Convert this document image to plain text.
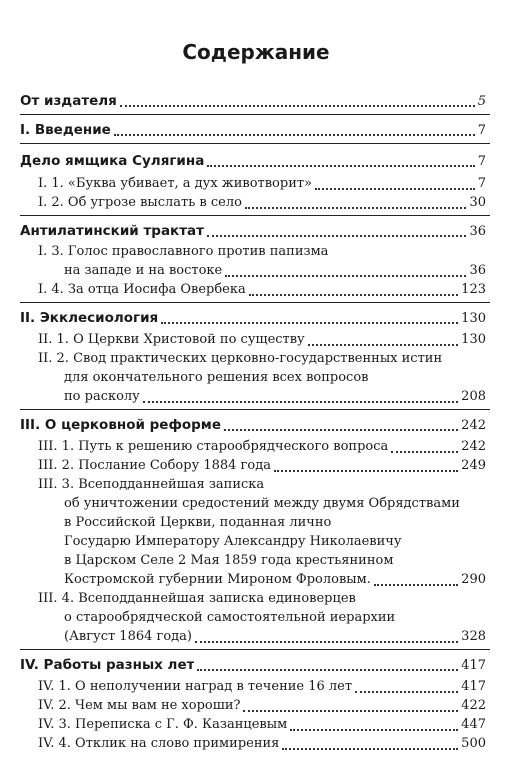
Содержание
От издателя	5
I. Введение	7
Дело ямщика Сулягина	7
I. 1. «Буква убивает, а дух животворит»	7
I. 2. Об угрозе выслать в село	30
Антилатинский трактат	36
I. 3. Голос православного против папизма
на западе и на востоке	36
I. 4. За отца Иосифа Овербека	123
II. Экклесиология	130
II. 1. О Церкви Христовой по существу	130
II. 2. Свод практических церковно-государственных истин
для окончательного решения всех вопросов
по расколу	208
III. О церковной реформе	242
III. 1. Путь к решению старообрядческого вопроса	242
III. 2. Послание Собору 1884 года	249
III. 3. Всеподданнейшая записка
об уничтожении средостений между двумя Обрядствами
в Российской Церкви, поданная лично
Государю Императору Александру Николаевичу
в Царском Селе 2 Мая 1859 года крестьянином
Костромской губернии Мироном Фроловым.	290
III. 4. Всеподданнейшая записка единоверцев
о старообрядческой самостоятельной иерархии
(Август 1864 года)	328
IV. Работы разных лет	417
IV. 1. О неполучении наград в течение 16 лет	417
IV. 2. Чем мы вам не хороши?	422
IV. 3. Переписка с Г. Ф. Казанцевым	447
IV. 4. Отклик на слово примирения	500
